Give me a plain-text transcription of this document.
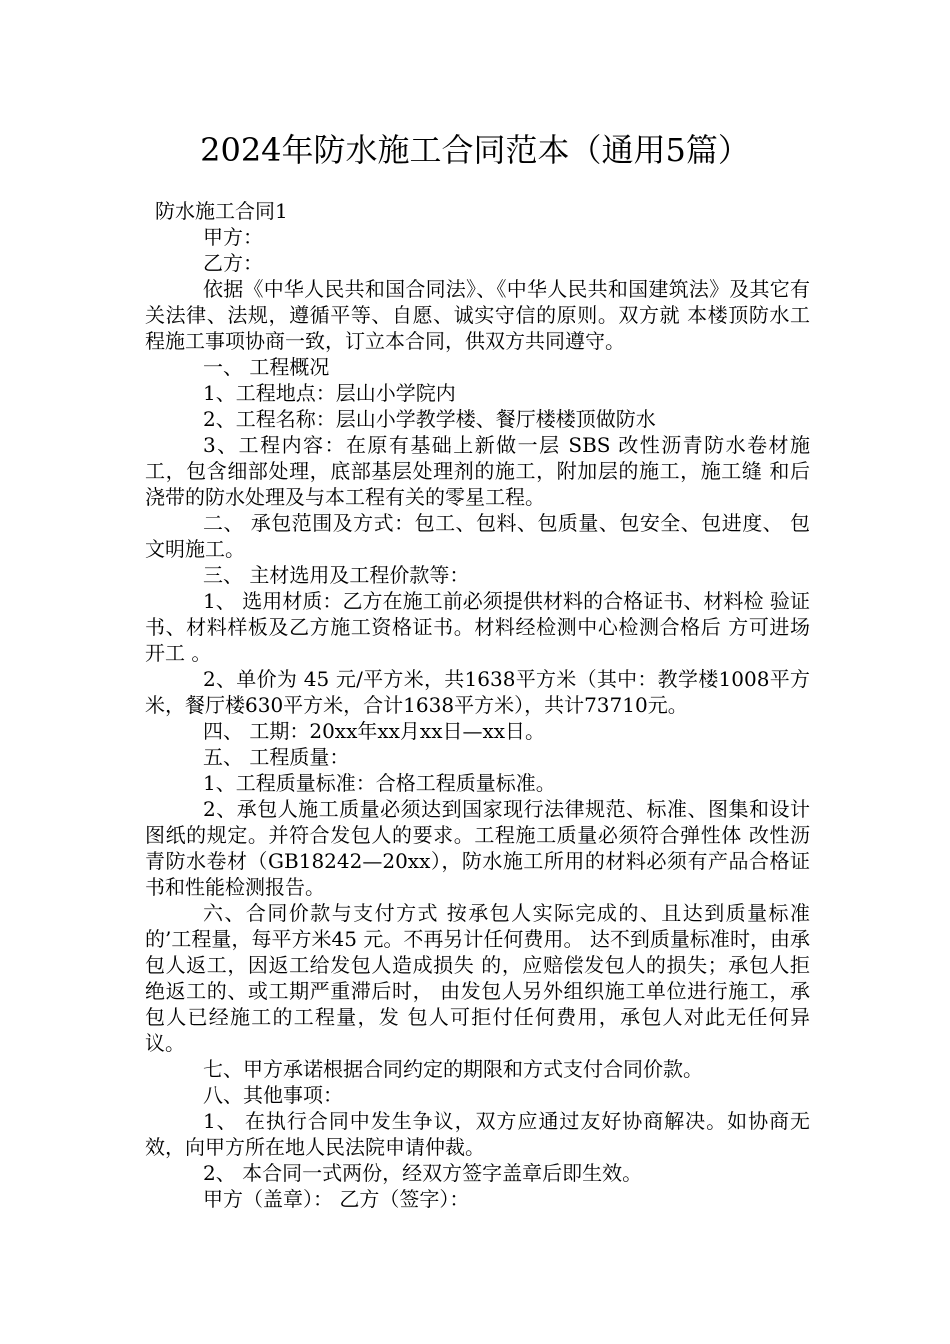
2024年防水施工合同范本（通用5篇）

防水施工合同1

甲方：

乙方：

依据《中华人民共和国合同法》、《中华人民共和国建筑法》及其它有关法律、法规，遵循平等、自愿、诚实守信的原则。双方就 本楼顶防水工程施工事项协商一致，订立本合同，供双方共同遵守。

一、 工程概况

1、工程地点：层山小学院内

2、工程名称：层山小学教学楼、餐厅楼楼顶做防水

3、工程内容：在原有基础上新做一层 SBS 改性沥青防水卷材施 工，包含细部处理，底部基层处理剂的施工，附加层的施工，施工缝 和后浇带的防水处理及与本工程有关的零星工程。

二、 承包范围及方式：包工、包料、包质量、包安全、包进度、 包文明施工。

三、 主材选用及工程价款等：

1、 选用材质：乙方在施工前必须提供材料的合格证书、材料检 验证书、材料样板及乙方施工资格证书。材料经检测中心检测合格后 方可进场开工 。

2、单价为 45 元/平方米，共1638平方米（其中：教学楼1008平方米，餐厅楼630平方米，合计1638平方米），共计73710元。

四、 工期：20xx年xx月xx日—xx日。

五、 工程质量：

1、工程质量标准：合格工程质量标准。

2、承包人施工质量必须达到国家现行法律规范、标准、图集和设计 图纸的规定。并符合发包人的要求。工程施工质量必须符合弹性体 改性沥青防水卷材（GB18242—20xx），防水施工所用的材料必须有产品合格证书和性能检测报告。

六、合同价款与支付方式 按承包人实际完成的、且达到质量标准的’工程量，每平方米45 元。不再另计任何费用。 达不到质量标准时，由承包人返工，因返工给发包人造成损失 的，应赔偿发包人的损失；承包人拒绝返工的、或工期严重滞后时， 由发包人另外组织施工单位进行施工，承包人已经施工的工程量，发 包人可拒付任何费用，承包人对此无任何异议。

七、甲方承诺根据合同约定的期限和方式支付合同价款。

八、其他事项：

1、 在执行合同中发生争议，双方应通过友好协商解决。如协商无效，向甲方所在地人民法院申请仲裁。

2、 本合同一式两份，经双方签字盖章后即生效。

甲方（盖章）： 乙方（签字）：
